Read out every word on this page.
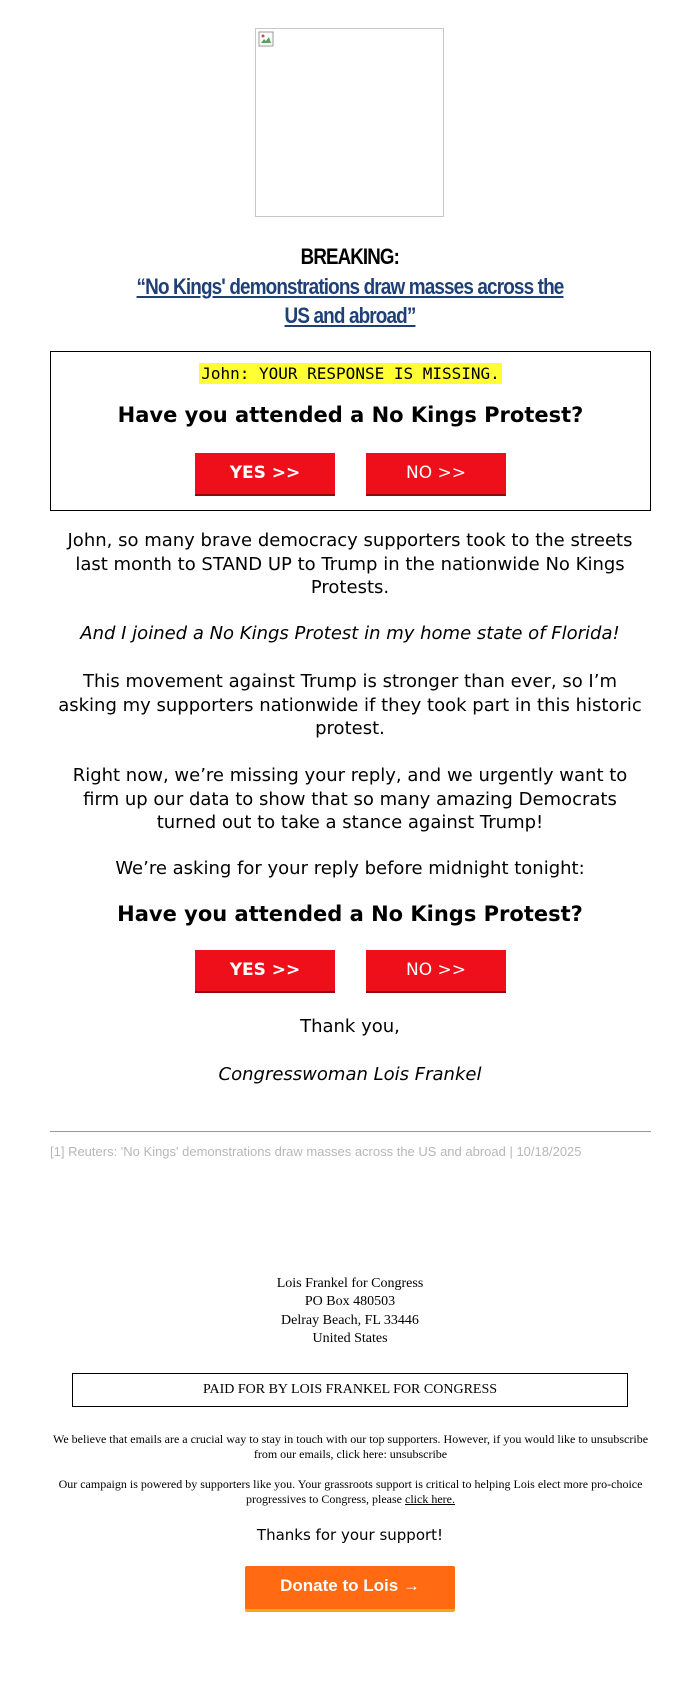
BREAKING:
“No Kings' demonstrations draw masses across the US and abroad”
John: YOUR RESPONSE IS MISSING.
Have you attended a No Kings Protest?
YES >>	NO >>
John, so many brave democracy supporters took to the streets last month to STAND UP to Trump in the nationwide No Kings Protests.
And I joined a No Kings Protest in my home state of Florida!
This movement against Trump is stronger than ever, so I’m asking my supporters nationwide if they took part in this historic protest.
Right now, we’re missing your reply, and we urgently want to firm up our data to show that so many amazing Democrats turned out to take a stance against Trump!
We’re asking for your reply before midnight tonight:
Have you attended a No Kings Protest?
YES >>	NO >>
Thank you,
Congresswoman Lois Frankel
[1] Reuters: 'No Kings' demonstrations draw masses across the US and abroad | 10/18/2025
Lois Frankel for Congress
PO Box 480503
Delray Beach, FL 33446
United States
PAID FOR BY LOIS FRANKEL FOR CONGRESS
We believe that emails are a crucial way to stay in touch with our top supporters. However, if you would like to unsubscribe from our emails, click here: unsubscribe
Our campaign is powered by supporters like you. Your grassroots support is critical to helping Lois elect more pro-choice progressives to Congress, please click here.
Thanks for your support!
Donate to Lois →
